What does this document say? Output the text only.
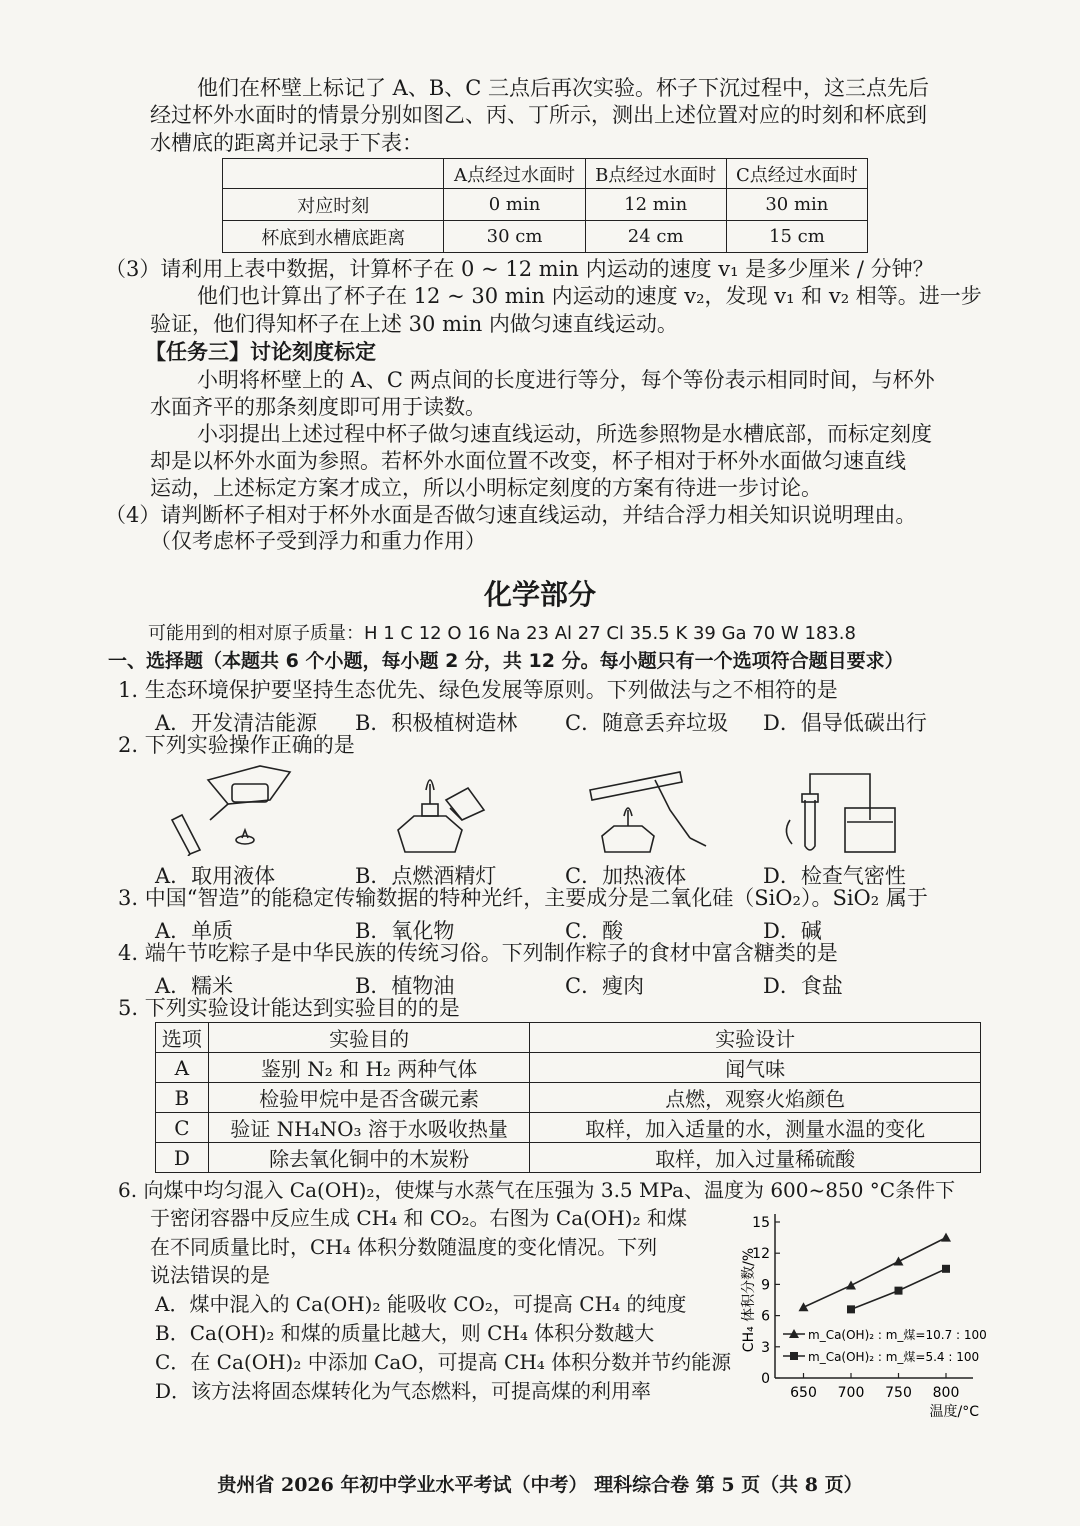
他们在杯壁上标记了 A、B、C 三点后再次实验。杯子下沉过程中，这三点先后
经过杯外水面时的情景分别如图乙、丙、丁所示，测出上述位置对应的时刻和杯底到
水槽底的距离并记录于下表：
	A点经过水面时	B点经过水面时	C点经过水面时
对应时刻	0 min	12 min	30 min
杯底到水槽底距离	30 cm	24 cm	15 cm
（3）请利用上表中数据，计算杯子在 0 ~ 12 min 内运动的速度 v₁ 是多少厘米 / 分钟？
他们也计算出了杯子在 12 ~ 30 min 内运动的速度 v₂，发现 v₁ 和 v₂ 相等。进一步
验证，他们得知杯子在上述 30 min 内做匀速直线运动。
【任务三】讨论刻度标定
小明将杯壁上的 A、C 两点间的长度进行等分，每个等份表示相同时间，与杯外
水面齐平的那条刻度即可用于读数。
小羽提出上述过程中杯子做匀速直线运动，所选参照物是水槽底部，而标定刻度
却是以杯外水面为参照。若杯外水面位置不改变，杯子相对于杯外水面做匀速直线
运动，上述标定方案才成立，所以小明标定刻度的方案有待进一步讨论。
（4）请判断杯子相对于杯外水面是否做匀速直线运动，并结合浮力相关知识说明理由。
（仅考虑杯子受到浮力和重力作用）
化学部分
可能用到的相对原子质量：H 1 C 12 O 16 Na 23 Al 27 Cl 35.5 K 39 Ga 70 W 183.8
一、选择题（本题共 6 个小题，每小题 2 分，共 12 分。每小题只有一个选项符合题目要求）
1. 生态环境保护要坚持生态优先、绿色发展等原则。下列做法与之不相符的是
A．开发清洁能源 B．积极植树造林 C．随意丢弃垃圾 D．倡导低碳出行
2. 下列实验操作正确的是
A．取用液体	B．点燃酒精灯	C．加热液体	D．检查气密性
3. 中国“智造”的能稳定传输数据的特种光纤，主要成分是二氧化硅（SiO₂）。SiO₂ 属于
A．单质	B．氧化物	C．酸	D．碱
4. 端午节吃粽子是中华民族的传统习俗。下列制作粽子的食材中富含糖类的是
A．糯米	B．植物油	C．瘦肉	D．食盐
5. 下列实验设计能达到实验目的的是
选项	实验目的	实验设计
A	鉴别 N₂ 和 H₂ 两种气体	闻气味
B	检验甲烷中是否含碳元素	点燃，观察火焰颜色
C	验证 NH₄NO₃ 溶于水吸收热量	取样，加入适量的水，测量水温的变化
D	除去氧化铜中的木炭粉	取样，加入过量稀硫酸
6. 向煤中均匀混入 Ca(OH)₂，使煤与水蒸气在压强为 3.5 MPa、温度为 600~850 °C条件下
于密闭容器中反应生成 CH₄ 和 CO₂。右图为 Ca(OH)₂ 和煤
在不同质量比时，CH₄ 体积分数随温度的变化情况。下列
说法错误的是
A．煤中混入的 Ca(OH)₂ 能吸收 CO₂，可提高 CH₄ 的纯度
B．Ca(OH)₂ 和煤的质量比越大，则 CH₄ 体积分数越大
C．在 Ca(OH)₂ 中添加 CaO，可提高 CH₄ 体积分数并节约能源
D．该方法将固态煤转化为气态燃料，可提高煤的利用率	0
3
6
9
12
15
650 700 750 800
温度/°C
CH₄ 体积分数/%	m_Ca(OH)₂ : m_煤=10.7 : 100
m_Ca(OH)₂ : m_煤=5.4 : 100
贵州省 2026 年初中学业水平考试（中考） 理科综合卷 第 5 页（共 8 页）
